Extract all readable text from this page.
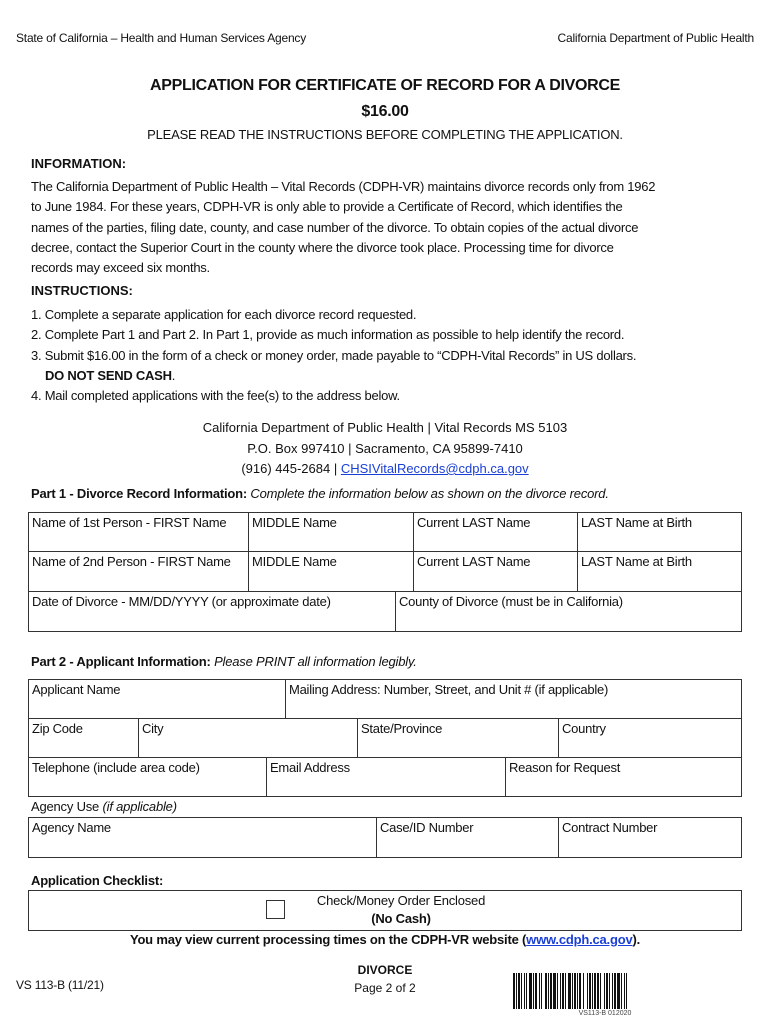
State of California – Health and Human Services Agency	California Department of Public Health
APPLICATION FOR CERTIFICATE OF RECORD FOR A DIVORCE
$16.00
PLEASE READ THE INSTRUCTIONS BEFORE COMPLETING THE APPLICATION.
INFORMATION:
The California Department of Public Health – Vital Records (CDPH-VR) maintains divorce records only from 1962
to June 1984. For these years, CDPH-VR is only able to provide a Certificate of Record, which identifies the
names of the parties, filing date, county, and case number of the divorce. To obtain copies of the actual divorce
decree, contact the Superior Court in the county where the divorce took place. Processing time for divorce
records may exceed six months.
INSTRUCTIONS:
1. Complete a separate application for each divorce record requested.
2. Complete Part 1 and Part 2. In Part 1, provide as much information as possible to help identify the record.
3. Submit $16.00 in the form of a check or money order, made payable to “CDPH-Vital Records” in US dollars.
DO NOT SEND CASH.
4. Mail completed applications with the fee(s) to the address below.
California Department of Public Health | Vital Records MS 5103
P.O. Box 997410 | Sacramento, CA 95899-7410
(916) 445-2684 | CHSIVitalRecords@cdph.ca.gov
Part 1 - Divorce Record Information: Complete the information below as shown on the divorce record.
Name of 1st Person - FIRST Name	MIDDLE Name	Current LAST Name	LAST Name at Birth
Name of 2nd Person - FIRST Name	MIDDLE Name	Current LAST Name	LAST Name at Birth
Date of Divorce - MM/DD/YYYY (or approximate date)	County of Divorce (must be in California)
Part 2 - Applicant Information: Please PRINT all information legibly.
Applicant Name	Mailing Address: Number, Street, and Unit # (if applicable)
Zip Code	City	State/Province	Country
Telephone (include area code)	Email Address	Reason for Request
Agency Use (if applicable)
Agency Name	Case/ID Number	Contract Number
Application Checklist:
Check/Money Order Enclosed
(No Cash)
You may view current processing times on the CDPH-VR website (www.cdph.ca.gov).
VS 113-B (11/21)
DIVORCE
Page 2 of 2
VS113-B 012020
